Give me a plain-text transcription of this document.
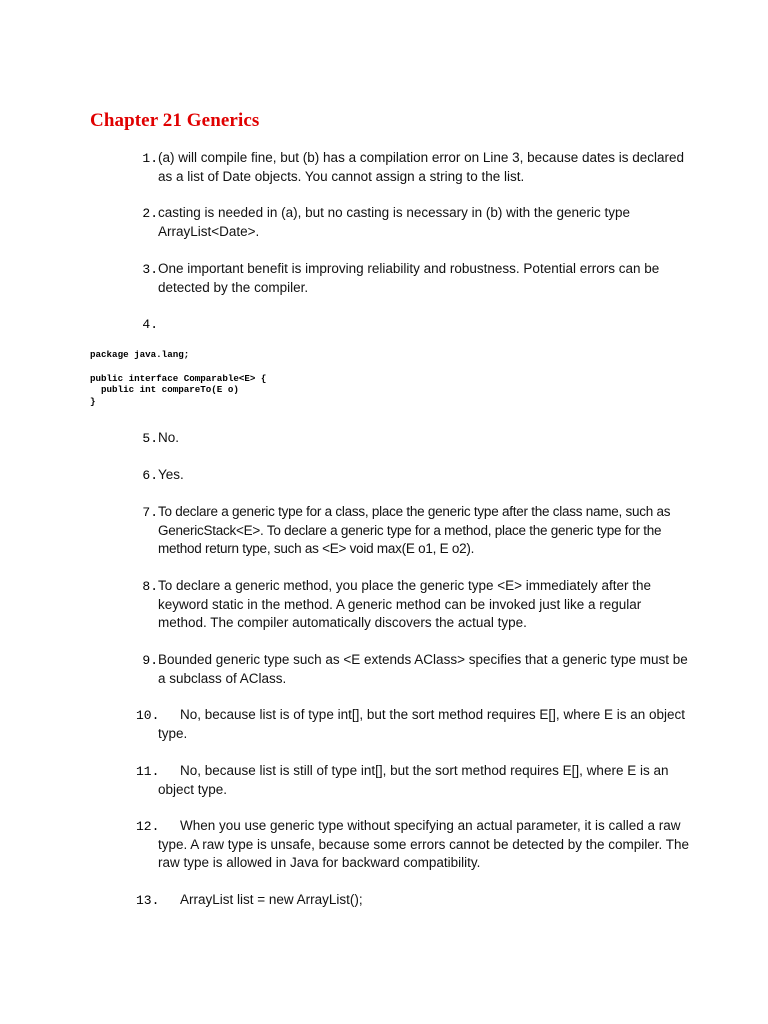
Chapter 21 Generics
1. (a) will compile fine, but (b) has a compilation error on Line 3, because dates is declared as a list of Date objects. You cannot assign a string to the list.
2. casting is needed in (a), but no casting is necessary in (b) with the generic type ArrayList<Date>.
3. One important benefit is improving reliability and robustness. Potential errors can be detected by the compiler.
4.
package java.lang;

public interface Comparable<E> {
public int compareTo(E o)
}
5. No.
6. Yes.
7. To declare a generic type for a class, place the generic type after the class name, such as GenericStack<E>. To declare a generic type for a method, place the generic type for the method return type, such as <E> void max(E o1, E o2).
8. To declare a generic method, you place the generic type <E> immediately after the keyword static in the method. A generic method can be invoked just like a regular method. The compiler automatically discovers the actual type.
9. Bounded generic type such as <E extends AClass> specifies that a generic type must be a subclass of AClass.
10.	No, because list is of type int[], but the sort method requires E[], where E is an object type.
11.	No, because list is still of type int[], but the sort method requires E[], where E is an object type.
12.	When you use generic type without specifying an actual parameter, it is called a raw type. A raw type is unsafe, because some errors cannot be detected by the compiler. The raw type is allowed in Java for backward compatibility.
13.	ArrayList list = new ArrayList();
